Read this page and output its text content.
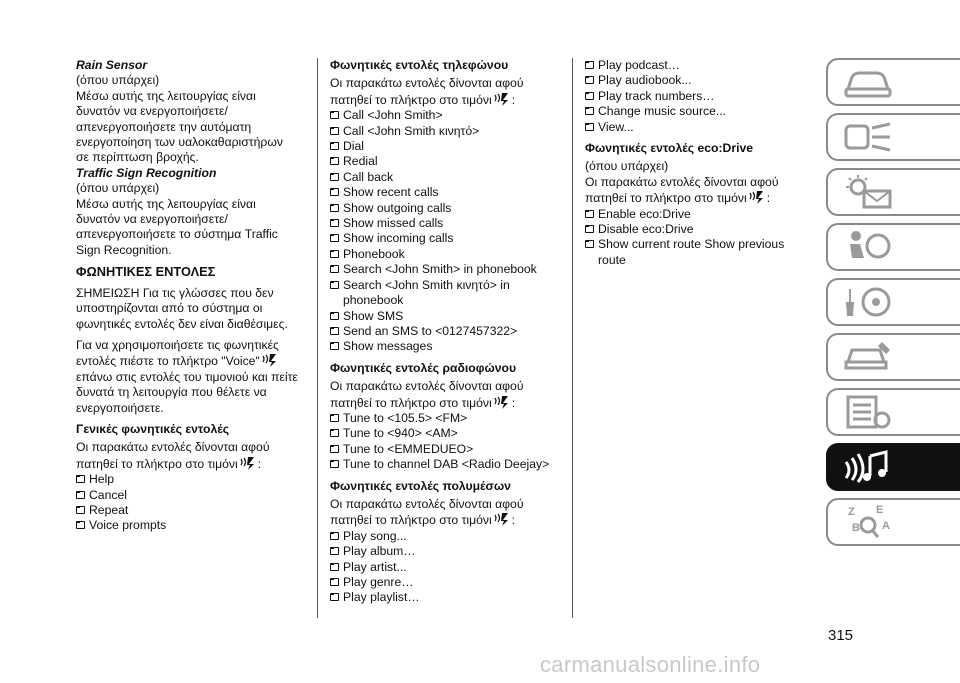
Rain Sensor
(όπου υπάρχει)
Μέσω αυτής της λειτουργίας είναι δυνατόν να ενεργοποιήσετε/απενεργοποιήσετε την αυτόματη ενεργοποίηση των υαλοκαθαριστήρων σε περίπτωση βροχής.
Traffic Sign Recognition
(όπου υπάρχει)
Μέσω αυτής της λειτουργίας είναι δυνατόν να ενεργοποιήσετε/απενεργοποιήσετε το σύστημα Traffic Sign Recognition.
ΦΩΝΗΤΙΚΕΣ ΕΝΤΟΛΕΣ
ΣΗΜΕΙΩΣΗ Για τις γλώσσες που δεν υποστηρίζονται από το σύστημα οι φωνητικές εντολές δεν είναι διαθέσιμες.
Για να χρησιμοποιήσετε τις φωνητικές εντολές πιέστε το πλήκτρο "Voice" επάνω στις εντολές του τιμονιού και πείτε δυνατά τη λειτουργία που θέλετε να ενεργοποιήσετε.
Γενικές φωνητικές εντολές
Οι παρακάτω εντολές δίνονται αφού πατηθεί το πλήκτρο στο τιμόνι :
Help
Cancel
Repeat
Voice prompts
Φωνητικές εντολές τηλεφώνου
Οι παρακάτω εντολές δίνονται αφού πατηθεί το πλήκτρο στο τιμόνι :
Call <John Smith>
Call <John Smith κινητό>
Dial
Redial
Call back
Show recent calls
Show outgoing calls
Show missed calls
Show incoming calls
Phonebook
Search <John Smith> in phonebook
Search <John Smith κινητό> in phonebook
Show SMS
Send an SMS to <0127457322>
Show messages
Φωνητικές εντολές ραδιοφώνου
Οι παρακάτω εντολές δίνονται αφού πατηθεί το πλήκτρο στο τιμόνι :
Tune to <105.5> <FM>
Tune to <940> <AM>
Tune to <EMMEDUEO>
Tune to channel DAB <Radio Deejay>
Φωνητικές εντολές πολυμέσων
Οι παρακάτω εντολές δίνονται αφού πατηθεί το πλήκτρο στο τιμόνι :
Play song...
Play album…
Play artist...
Play genre…
Play playlist…
Play podcast…
Play audiobook...
Play track numbers…
Change music source...
View...
Φωνητικές εντολές eco:Drive
(όπου υπάρχει)
Οι παρακάτω εντολές δίνονται αφού πατηθεί το πλήκτρο στο τιμόνι :
Enable eco:Drive
Disable eco:Drive
Show current route Show previous route
Z E
B A
315
carmanualsonline.info
